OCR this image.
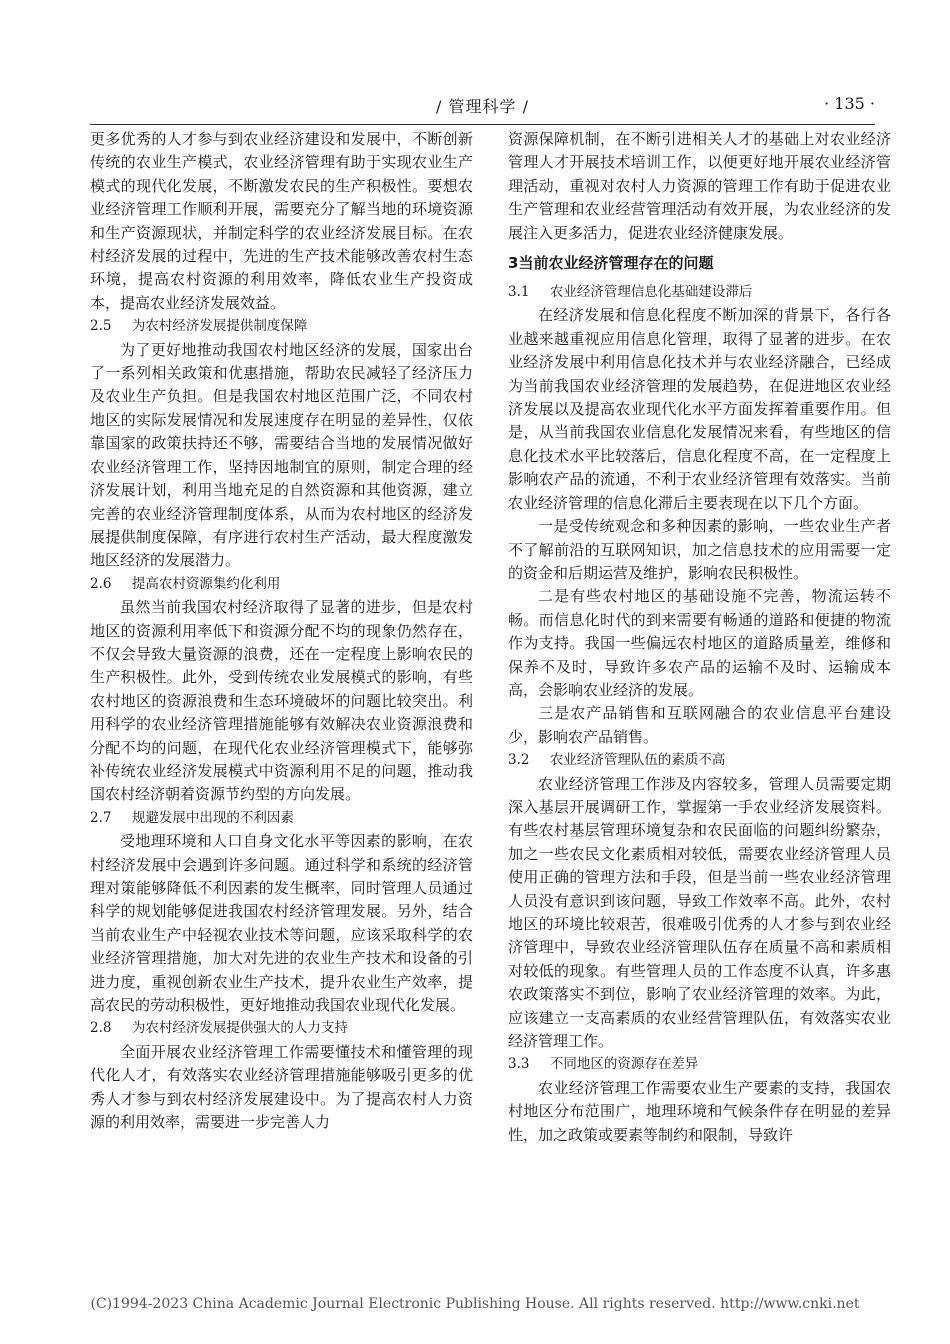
/ 管理科学 /	· 135 ·

更多优秀的人才参与到农业经济建设和发展中，不断创新传统的农业生产模式，农业经济管理有助于实现农业生产模式的现代化发展，不断激发农民的生产积极性。要想农业经济管理工作顺利开展，需要充分了解当地的环境资源和生产资源现状，并制定科学的农业经济发展目标。在农村经济发展的过程中，先进的生产技术能够改善农村生态环境，提高农村资源的利用效率，降低农业生产投资成本，提高农业经济发展效益。

2.5 为农村经济发展提供制度保障

为了更好地推动我国农村地区经济的发展，国家出台了一系列相关政策和优惠措施，帮助农民减轻了经济压力及农业生产负担。但是我国农村地区范围广泛，不同农村地区的实际发展情况和发展速度存在明显的差异性，仅依靠国家的政策扶持还不够，需要结合当地的发展情况做好农业经济管理工作，坚持因地制宜的原则，制定合理的经济发展计划，利用当地充足的自然资源和其他资源，建立完善的农业经济管理制度体系，从而为农村地区的经济发展提供制度保障，有序进行农村生产活动，最大程度激发地区经济的发展潜力。

2.6 提高农村资源集约化利用

虽然当前我国农村经济取得了显著的进步，但是农村地区的资源利用率低下和资源分配不均的现象仍然存在，不仅会导致大量资源的浪费，还在一定程度上影响农民的生产积极性。此外，受到传统农业发展模式的影响，有些农村地区的资源浪费和生态环境破坏的问题比较突出。利用科学的农业经济管理措施能够有效解决农业资源浪费和分配不均的问题，在现代化农业经济管理模式下，能够弥补传统农业经济发展模式中资源利用不足的问题，推动我国农村经济朝着资源节约型的方向发展。

2.7 规避发展中出现的不利因素

受地理环境和人口自身文化水平等因素的影响，在农村经济发展中会遇到许多问题。通过科学和系统的经济管理对策能够降低不利因素的发生概率，同时管理人员通过科学的规划能够促进我国农村经济管理发展。另外，结合当前农业生产中轻视农业技术等问题，应该采取科学的农业经济管理措施，加大对先进的农业生产技术和设备的引进力度，重视创新农业生产技术，提升农业生产效率，提高农民的劳动积极性，更好地推动我国农业现代化发展。

2.8 为农村经济发展提供强大的人力支持

全面开展农业经济管理工作需要懂技术和懂管理的现代化人才，有效落实农业经济管理措施能够吸引更多的优秀人才参与到农村经济发展建设中。为了提高农村人力资源的利用效率，需要进一步完善人力

资源保障机制，在不断引进相关人才的基础上对农业经济管理人才开展技术培训工作，以便更好地开展农业经济管理活动，重视对农村人力资源的管理工作有助于促进农业生产管理和农业经营管理活动有效开展，为农业经济的发展注入更多活力，促进农业经济健康发展。

3当前农业经济管理存在的问题
3.1 农业经济管理信息化基础建设滞后

在经济发展和信息化程度不断加深的背景下，各行各业越来越重视应用信息化管理，取得了显著的进步。在农业经济发展中利用信息化技术并与农业经济融合，已经成为当前我国农业经济管理的发展趋势，在促进地区农业经济发展以及提高农业现代化水平方面发挥着重要作用。但是，从当前我国农业信息化发展情况来看，有些地区的信息化技术水平比较落后，信息化程度不高，在一定程度上影响农产品的流通，不利于农业经济管理有效落实。当前农业经济管理的信息化滞后主要表现在以下几个方面。

一是受传统观念和多种因素的影响，一些农业生产者不了解前沿的互联网知识，加之信息技术的应用需要一定的资金和后期运营及维护，影响农民积极性。

二是有些农村地区的基础设施不完善，物流运转不畅。而信息化时代的到来需要有畅通的道路和便捷的物流作为支持。我国一些偏远农村地区的道路质量差，维修和保养不及时，导致许多农产品的运输不及时、运输成本高，会影响农业经济的发展。

三是农产品销售和互联网融合的农业信息平台建设少，影响农产品销售。

3.2 农业经济管理队伍的素质不高

农业经济管理工作涉及内容较多，管理人员需要定期深入基层开展调研工作，掌握第一手农业经济发展资料。有些农村基层管理环境复杂和农民面临的问题纠纷繁杂，加之一些农民文化素质相对较低，需要农业经济管理人员使用正确的管理方法和手段，但是当前一些农业经济管理人员没有意识到该问题，导致工作效率不高。此外，农村地区的环境比较艰苦，很难吸引优秀的人才参与到农业经济管理中，导致农业经济管理队伍存在质量不高和素质相对较低的现象。有些管理人员的工作态度不认真，许多惠农政策落实不到位，影响了农业经济管理的效率。为此，应该建立一支高素质的农业经营管理队伍，有效落实农业经济管理工作。

3.3 不同地区的资源存在差异

农业经济管理工作需要农业生产要素的支持，我国农村地区分布范围广，地理环境和气候条件存在明显的差异性，加之政策或要素等制约和限制，导致许

(C)1994-2023 China Academic Journal Electronic Publishing House. All rights reserved. http://www.cnki.net
